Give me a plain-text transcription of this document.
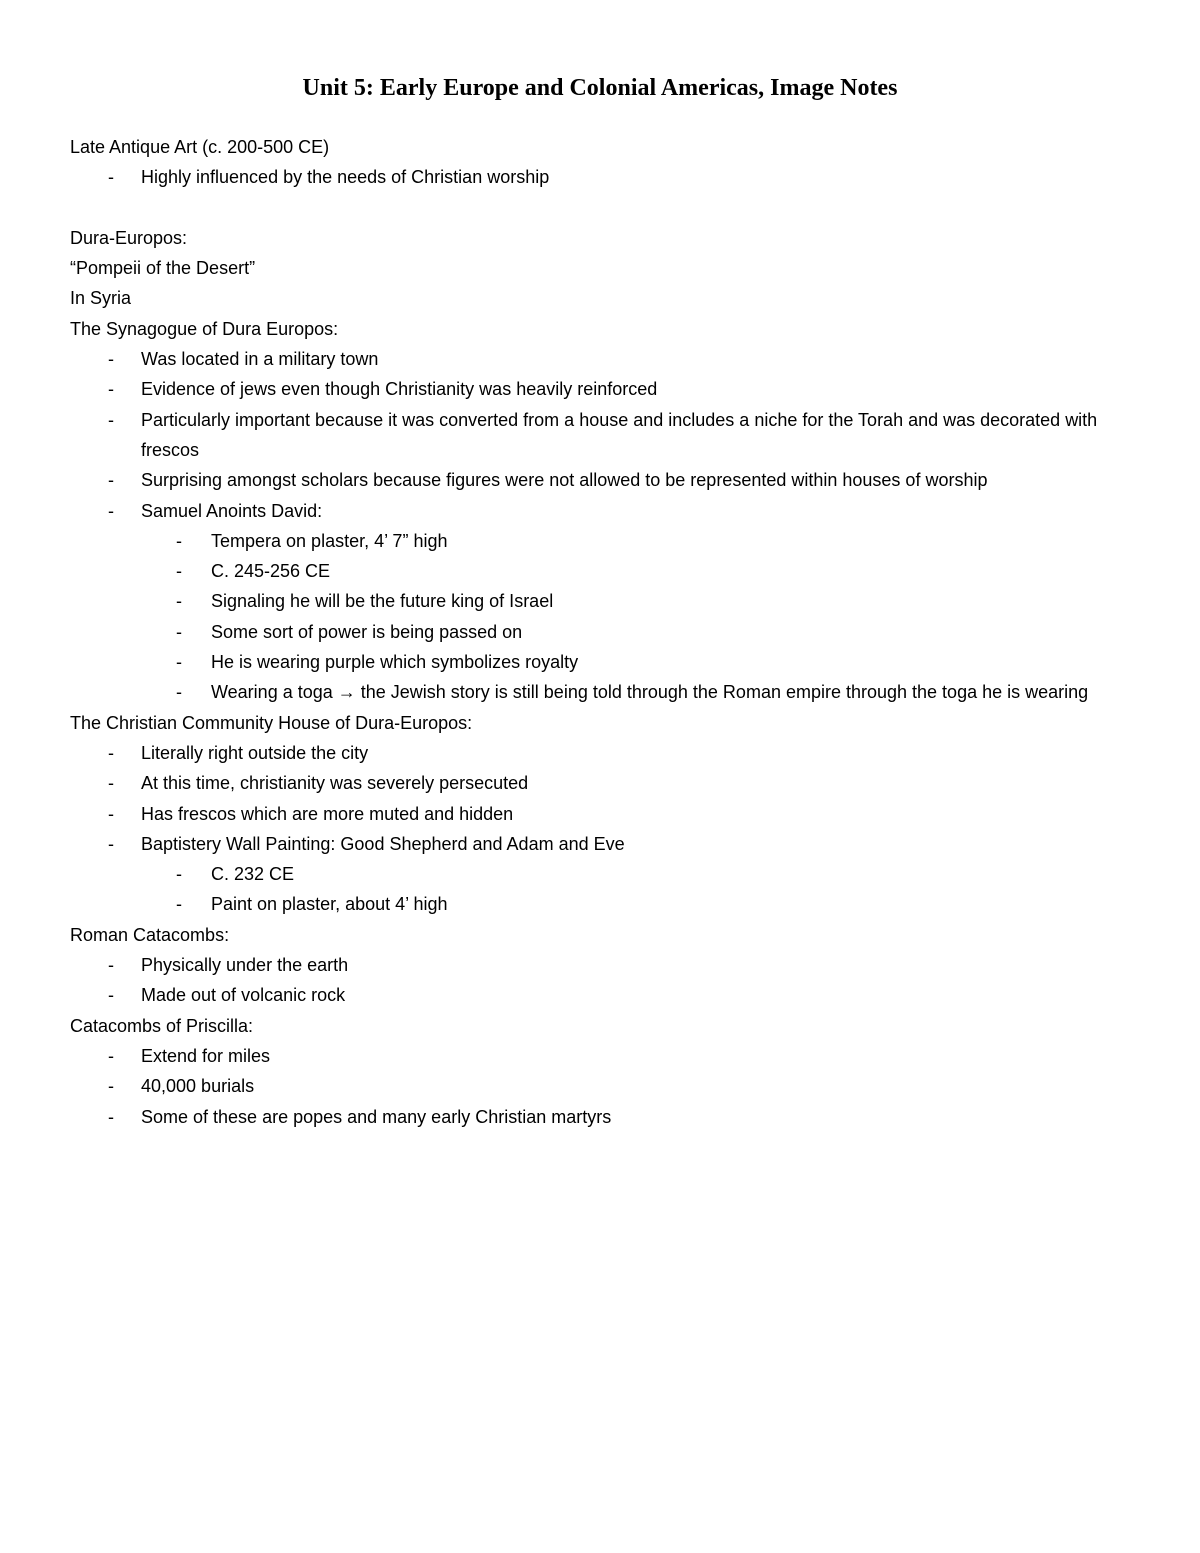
Unit 5: Early Europe and Colonial Americas, Image Notes
Late Antique Art (c. 200-500 CE)
- Highly influenced by the needs of Christian worship
Dura-Europos:
“Pompeii of the Desert”
In Syria
The Synagogue of Dura Europos:
- Was located in a military town
- Evidence of jews even though Christianity was heavily reinforced
- Particularly important because it was converted from a house and includes a niche for the Torah and was decorated with frescos
- Surprising amongst scholars because figures were not allowed to be represented within houses of worship
- Samuel Anoints David:
- Tempera on plaster, 4’ 7” high
- C. 245-256 CE
- Signaling he will be the future king of Israel
- Some sort of power is being passed on
- He is wearing purple which symbolizes royalty
- Wearing a toga → the Jewish story is still being told through the Roman empire through the toga he is wearing
The Christian Community House of Dura-Europos:
- Literally right outside the city
- At this time, christianity was severely persecuted
- Has frescos which are more muted and hidden
- Baptistery Wall Painting: Good Shepherd and Adam and Eve
- C. 232 CE
- Paint on plaster, about 4’ high
Roman Catacombs:
- Physically under the earth
- Made out of volcanic rock
Catacombs of Priscilla:
- Extend for miles
- 40,000 burials
- Some of these are popes and many early Christian martyrs
